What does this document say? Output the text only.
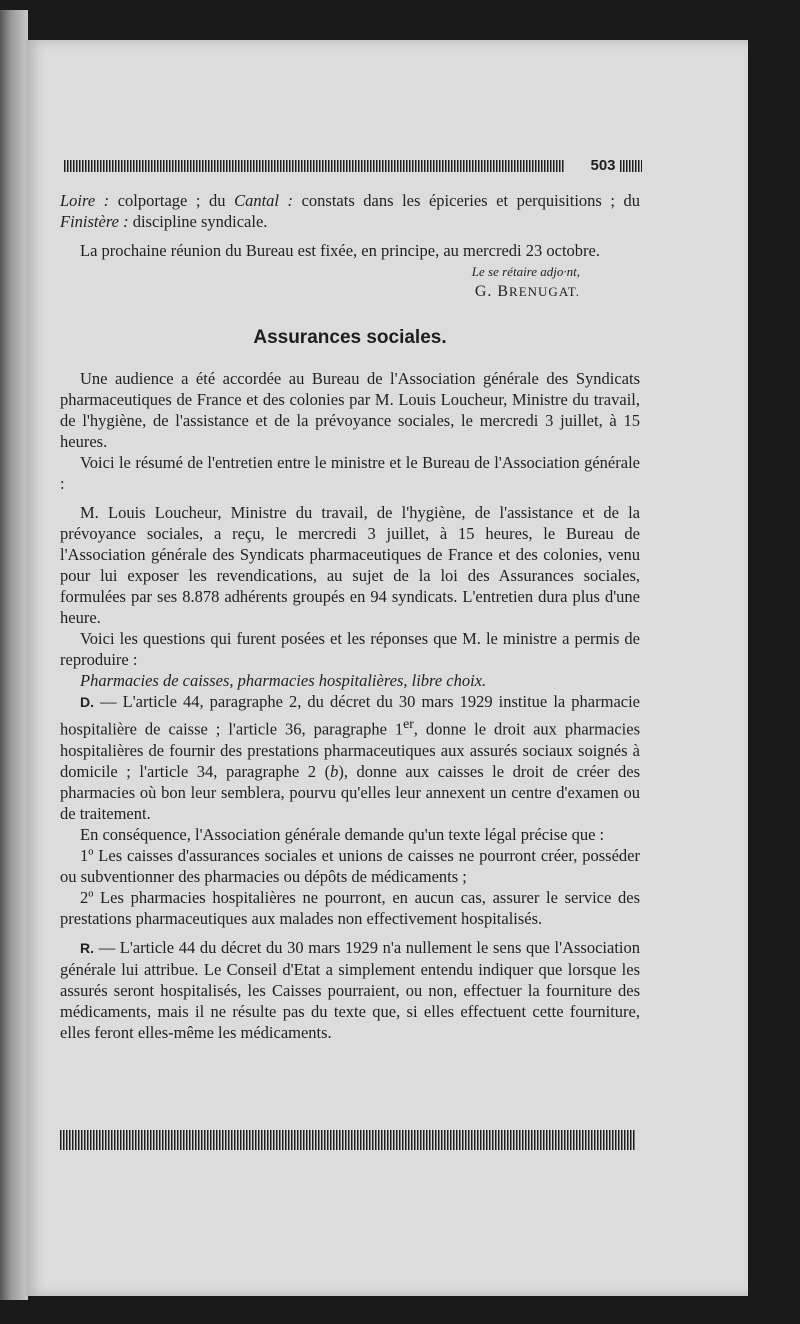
503

Loire : colportage ; du Cantal : constats dans les épiceries et perquisitions ; du Finistère : discipline syndicale.

La prochaine réunion du Bureau est fixée, en principe, au mercredi 23 octobre.

Le se rétaire adjo·nt,
G. BRENUGAT.
Assurances sociales.

Une audience a été accordée au Bureau de l'Association générale des Syndicats pharmaceutiques de France et des colonies par M. Louis Loucheur, Ministre du travail, de l'hygiène, de l'assistance et de la prévoyance sociales, le mercredi 3 juillet, à 15 heures.

Voici le résumé de l'entretien entre le ministre et le Bureau de l'Association générale :

M. Louis Loucheur, Ministre du travail, de l'hygiène, de l'assistance et de la prévoyance sociales, a reçu, le mercredi 3 juillet, à 15 heures, le Bureau de l'Association générale des Syndicats pharmaceutiques de France et des colonies, venu pour lui exposer les revendications, au sujet de la loi des Assurances sociales, formulées par ses 8.878 adhérents groupés en 94 syndicats. L'entretien dura plus d'une heure.

Voici les questions qui furent posées et les réponses que M. le ministre a permis de reproduire :

Pharmacies de caisses, pharmacies hospitalières, libre choix.

D. — L'article 44, paragraphe 2, du décret du 30 mars 1929 institue la pharmacie hospitalière de caisse ; l'article 36, paragraphe 1er, donne le droit aux pharmacies hospitalières de fournir des prestations pharmaceutiques aux assurés sociaux soignés à domicile ; l'article 34, paragraphe 2 (b), donne aux caisses le droit de créer des pharmacies où bon leur semblera, pourvu qu'elles leur annexent un centre d'examen ou de traitement.

En conséquence, l'Association générale demande qu'un texte légal précise que :

1º Les caisses d'assurances sociales et unions de caisses ne pourront créer, posséder ou subventionner des pharmacies ou dépôts de médicaments ;

2º Les pharmacies hospitalières ne pourront, en aucun cas, assurer le service des prestations pharmaceutiques aux malades non effectivement hospitalisés.

R. — L'article 44 du décret du 30 mars 1929 n'a nullement le sens que l'Association générale lui attribue. Le Conseil d'Etat a simplement entendu indiquer que lorsque les assurés seront hospitalisés, les Caisses pourraient, ou non, effectuer la fourniture des médicaments, mais il ne résulte pas du texte que, si elles effectuent cette fourniture, elles feront elles-même les médicaments.
